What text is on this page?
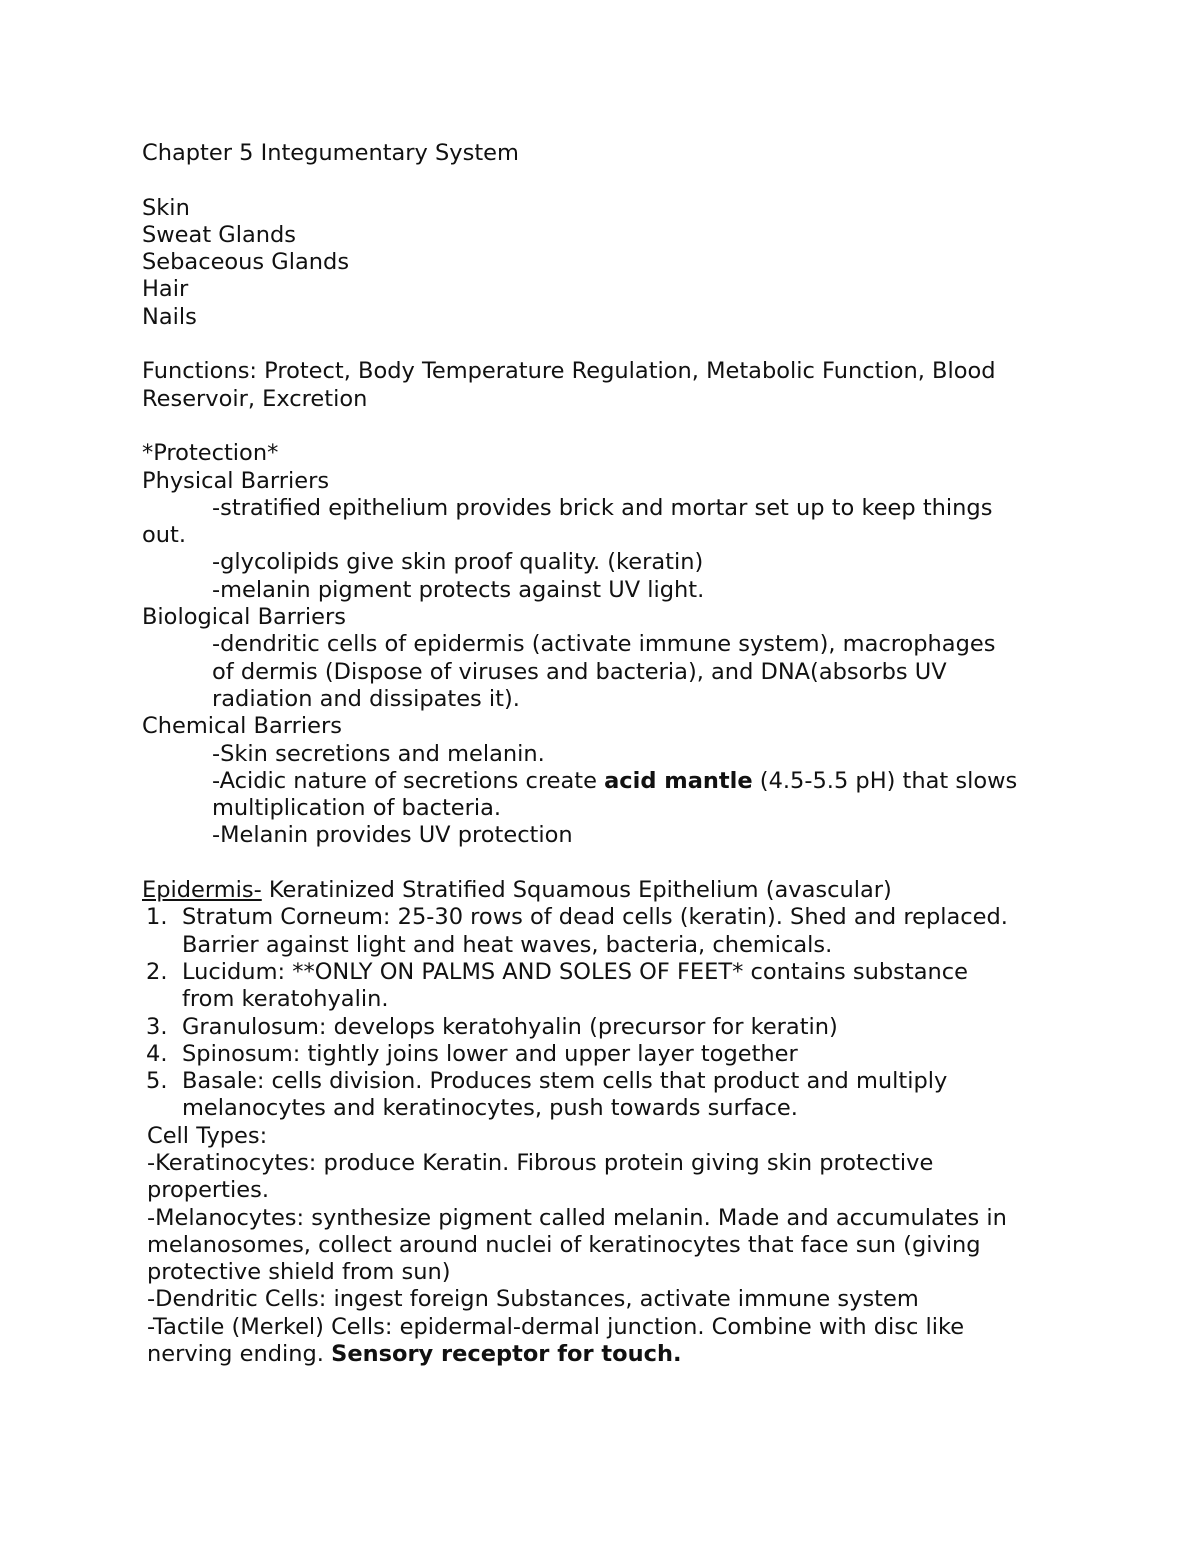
Chapter 5 Integumentary System
Skin
Sweat Glands
Sebaceous Glands
Hair
Nails
Functions: Protect, Body Temperature Regulation, Metabolic Function, Blood
Reservoir, Excretion
*Protection*
Physical Barriers
-stratified epithelium provides brick and mortar set up to keep things
out.
-glycolipids give skin proof quality. (keratin)
-melanin pigment protects against UV light.
Biological Barriers
-dendritic cells of epidermis (activate immune system), macrophages
of dermis (Dispose of viruses and bacteria), and DNA(absorbs UV
radiation and dissipates it).
Chemical Barriers
-Skin secretions and melanin.
-Acidic nature of secretions create acid mantle (4.5-5.5 pH) that slows
multiplication of bacteria.
-Melanin provides UV protection
Epidermis- Keratinized Stratified Squamous Epithelium (avascular)
1. Stratum Corneum: 25-30 rows of dead cells (keratin). Shed and replaced.
Barrier against light and heat waves, bacteria, chemicals.
2. Lucidum: **ONLY ON PALMS AND SOLES OF FEET* contains substance
from keratohyalin.
3. Granulosum: develops keratohyalin (precursor for keratin)
4. Spinosum: tightly joins lower and upper layer together
5. Basale: cells division. Produces stem cells that product and multiply
melanocytes and keratinocytes, push towards surface.
Cell Types:
-Keratinocytes: produce Keratin. Fibrous protein giving skin protective
properties.
-Melanocytes: synthesize pigment called melanin. Made and accumulates in
melanosomes, collect around nuclei of keratinocytes that face sun (giving
protective shield from sun)
-Dendritic Cells: ingest foreign Substances, activate immune system
-Tactile (Merkel) Cells: epidermal-dermal junction. Combine with disc like
nerving ending. Sensory receptor for touch.
